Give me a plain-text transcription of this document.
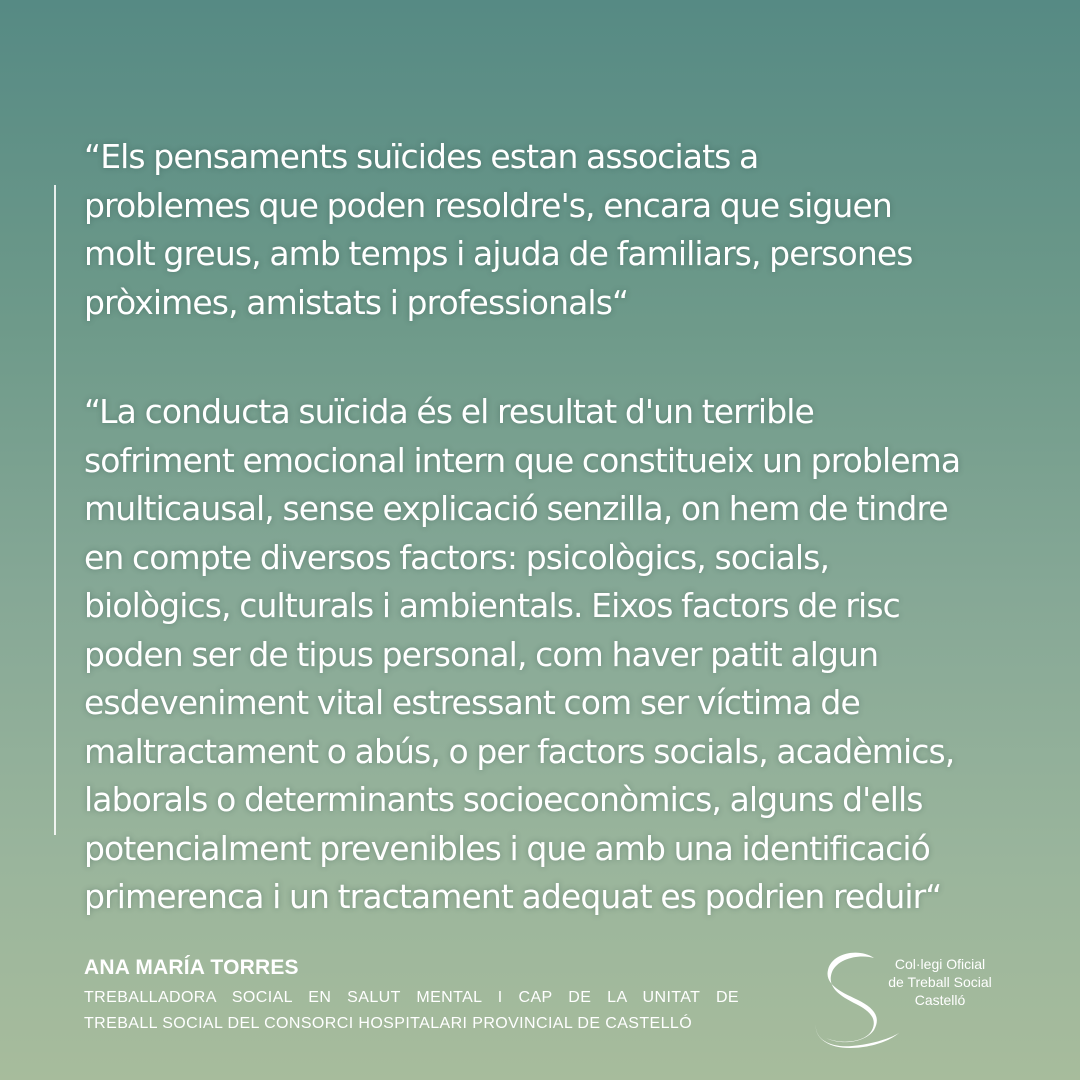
“Els pensaments suïcides estan associats a
problemes que poden resoldre's, encara que siguen
molt greus, amb temps i ajuda de familiars, persones
pròximes, amistats i professionals“

“La conducta suïcida és el resultat d'un terrible
sofriment emocional intern que constitueix un problema
multicausal, sense explicació senzilla, on hem de tindre
en compte diversos factors: psicològics, socials,
biològics, culturals i ambientals. Eixos factors de risc
poden ser de tipus personal, com haver patit algun
esdeveniment vital estressant com ser víctima de
maltractament o abús, o per factors socials, acadèmics,
laborals o determinants socioeconòmics, alguns d'ells
potencialment prevenibles i que amb una identificació
primerenca i un tractament adequat es podrien reduir“

ANA MARÍA TORRES
TREBALLADORA SOCIAL EN SALUT MENTAL I CAP DE LA UNITAT DE
TREBALL SOCIAL DEL CONSORCI HOSPITALARI PROVINCIAL DE CASTELLÓ
Col·legi Oficial
de Treball Social
Castelló
